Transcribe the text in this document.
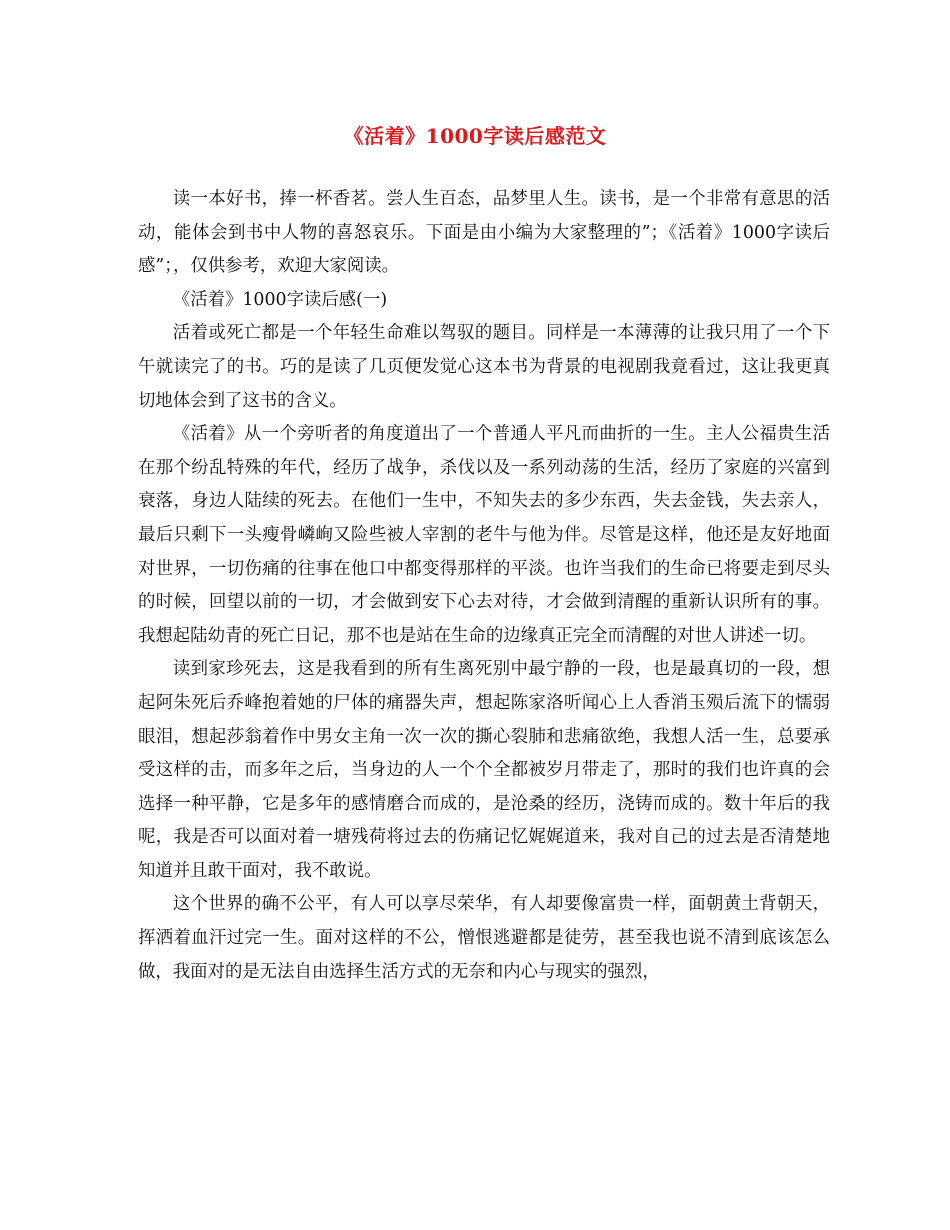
《活着》1000字读后感范文

读一本好书，捧一杯香茗。尝人生百态，品梦里人生。读书，是一个非常有意思的活动，能体会到书中人物的喜怒哀乐。下面是由小编为大家整理的”；《活着》1000字读后感”；，仅供参考，欢迎大家阅读。

《活着》1000字读后感(一)

活着或死亡都是一个年轻生命难以驾驭的题目。同样是一本薄薄的让我只用了一个下午就读完了的书。巧的是读了几页便发觉心这本书为背景的电视剧我竟看过，这让我更真切地体会到了这书的含义。

《活着》从一个旁听者的角度道出了一个普通人平凡而曲折的一生。主人公福贵生活在那个纷乱特殊的年代，经历了战争，杀伐以及一系列动荡的生活，经历了家庭的兴富到衰落，身边人陆续的死去。在他们一生中，不知失去的多少东西，失去金钱，失去亲人，最后只剩下一头瘦骨嶙峋又险些被人宰割的老牛与他为伴。尽管是这样，他还是友好地面对世界，一切伤痛的往事在他口中都变得那样的平淡。也许当我们的生命已将要走到尽头的时候，回望以前的一切，才会做到安下心去对待，才会做到清醒的重新认识所有的事。我想起陆幼青的死亡日记，那不也是站在生命的边缘真正完全而清醒的对世人讲述一切。

读到家珍死去，这是我看到的所有生离死别中最宁静的一段，也是最真切的一段，想起阿朱死后乔峰抱着她的尸体的痛器失声，想起陈家洛听闻心上人香消玉殒后流下的懦弱眼泪，想起莎翁着作中男女主角一次一次的撕心裂肺和悲痛欲绝，我想人活一生，总要承受这样的击，而多年之后，当身边的人一个个全都被岁月带走了，那时的我们也许真的会选择一种平静，它是多年的感情磨合而成的，是沧桑的经历，浇铸而成的。数十年后的我呢，我是否可以面对着一塘残荷将过去的伤痛记忆娓娓道来，我对自己的过去是否清楚地知道并且敢干面对，我不敢说。

这个世界的确不公平，有人可以享尽荣华，有人却要像富贵一样，面朝黄土背朝天，挥洒着血汗过完一生。面对这样的不公，憎恨逃避都是徒劳，甚至我也说不清到底该怎么做，我面对的是无法自由选择生活方式的无奈和内心与现实的强烈，
